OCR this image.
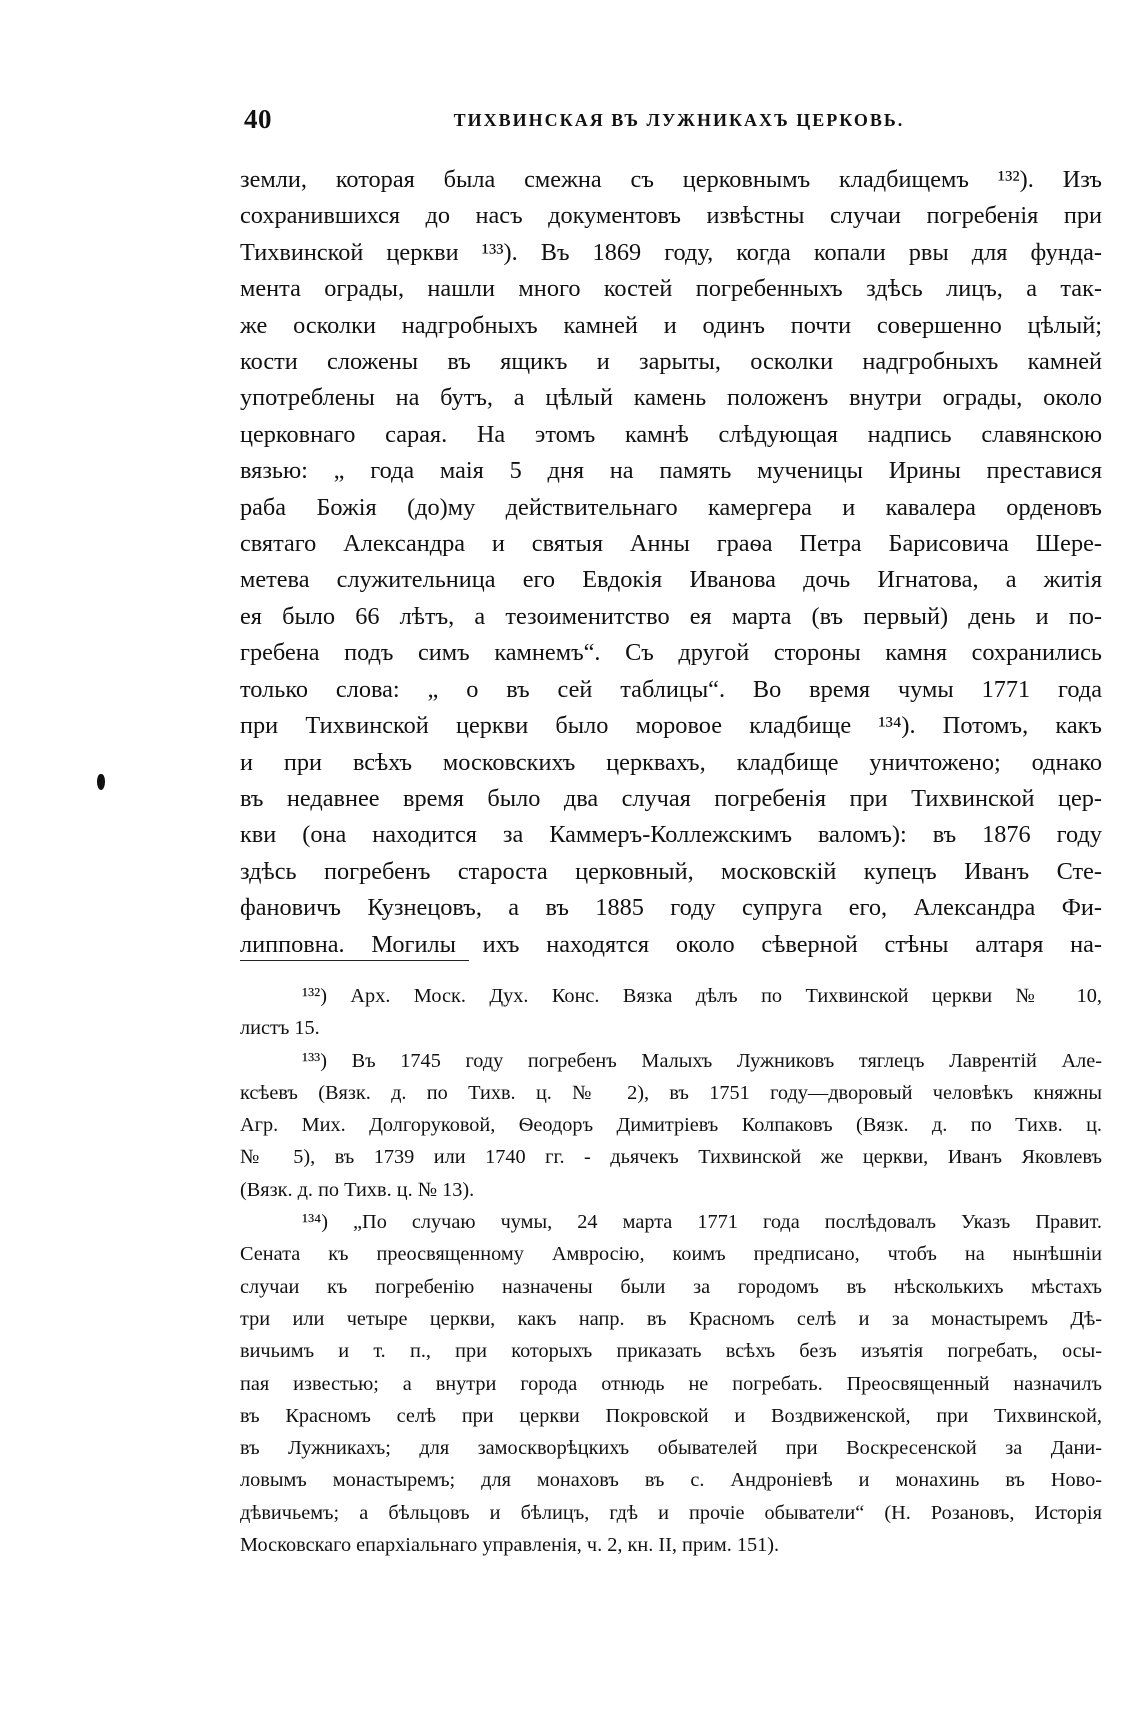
40	ТИХВИНСКАЯ ВЪ ЛУЖНИКАХЪ ЦЕРКОВЬ.
земли, которая была смежна съ церковнымъ кладбищемъ ¹³²). Изъ
сохранившихся до насъ документовъ извѣстны случаи погребенія при
Тихвинской церкви ¹³³). Въ 1869 году, когда копали рвы для фунда-
мента ограды, нашли много костей погребенныхъ здѣсь лицъ, а так-
же осколки надгробныхъ камней и одинъ почти совершенно цѣлый;
кости сложены въ ящикъ и зарыты, осколки надгробныхъ камней
употреблены на бутъ, а цѣлый камень положенъ внутри ограды, около
церковнаго сарая. На этомъ камнѣ слѣдующая надпись славянскою
вязью: „ года маія 5 дня на память мученицы Ирины преставися
раба Божія (до)му действительнаго камергера и кавалера орденовъ
святаго Александра и святыя Анны граѳа Петра Барисовича Шере-
метева служительница его Евдокія Иванова дочь Игнатова, а житія
ея было 66 лѣтъ, а тезоименитство ея марта (въ первый) день и по-
гребена подъ симъ камнемъ“. Съ другой стороны камня сохранились
только слова: „ о въ сей таблицы“. Во время чумы 1771 года
при Тихвинской церкви было моровое кладбище ¹³⁴). Потомъ, какъ
и при всѣхъ московскихъ церквахъ, кладбище уничтожено; однако
въ недавнее время было два случая погребенія при Тихвинской цер-
кви (она находится за Каммеръ-Коллежскимъ валомъ): въ 1876 году
здѣсь погребенъ староста церковный, московскій купецъ Иванъ Сте-
фановичъ Кузнецовъ, а въ 1885 году супруга его, Александра Фи-
липповна. Могилы ихъ находятся около сѣверной стѣны алтаря на-
¹³²) Арх. Моск. Дух. Конс. Вязка дѣлъ по Тихвинской церкви № 10,
листъ 15.
¹³³) Въ 1745 году погребенъ Малыхъ Лужниковъ тяглецъ Лаврентій Але-
ксѣевъ (Вязк. д. по Тихв. ц. № 2), въ 1751 году—дворовый человѣкъ княжны
Агр. Мих. Долгоруковой, Ѳеодоръ Димитріевъ Колпаковъ (Вязк. д. по Тихв. ц.
№ 5), въ 1739 или 1740 гг. - дьячекъ Тихвинской же церкви, Иванъ Яковлевъ
(Вязк. д. по Тихв. ц. № 13).
¹³⁴) „По случаю чумы, 24 марта 1771 года послѣдовалъ Указъ Правит.
Сената къ преосвященному Амвросію, коимъ предписано, чтобъ на нынѣшніи
случаи къ погребенію назначены были за городомъ въ нѣсколькихъ мѣстахъ
три или четыре церкви, какъ напр. въ Красномъ селѣ и за монастыремъ Дѣ-
вичьимъ и т. п., при которыхъ приказать всѣхъ безъ изъятія погребать, осы-
пая известью; а внутри города отнюдь не погребать. Преосвященный назначилъ
въ Красномъ селѣ при церкви Покровской и Воздвиженской, при Тихвинской,
въ Лужникахъ; для замоскворѣцкихъ обывателей при Воскресенской за Дани-
ловымъ монастыремъ; для монаховъ въ с. Андроніевѣ и монахинь въ Ново-
дѣвичьемъ; а бѣльцовъ и бѣлицъ, гдѣ и прочіе обыватели“ (Н. Розановъ, Исторія
Московскаго епархіальнаго управленія, ч. 2, кн. II, прим. 151).
